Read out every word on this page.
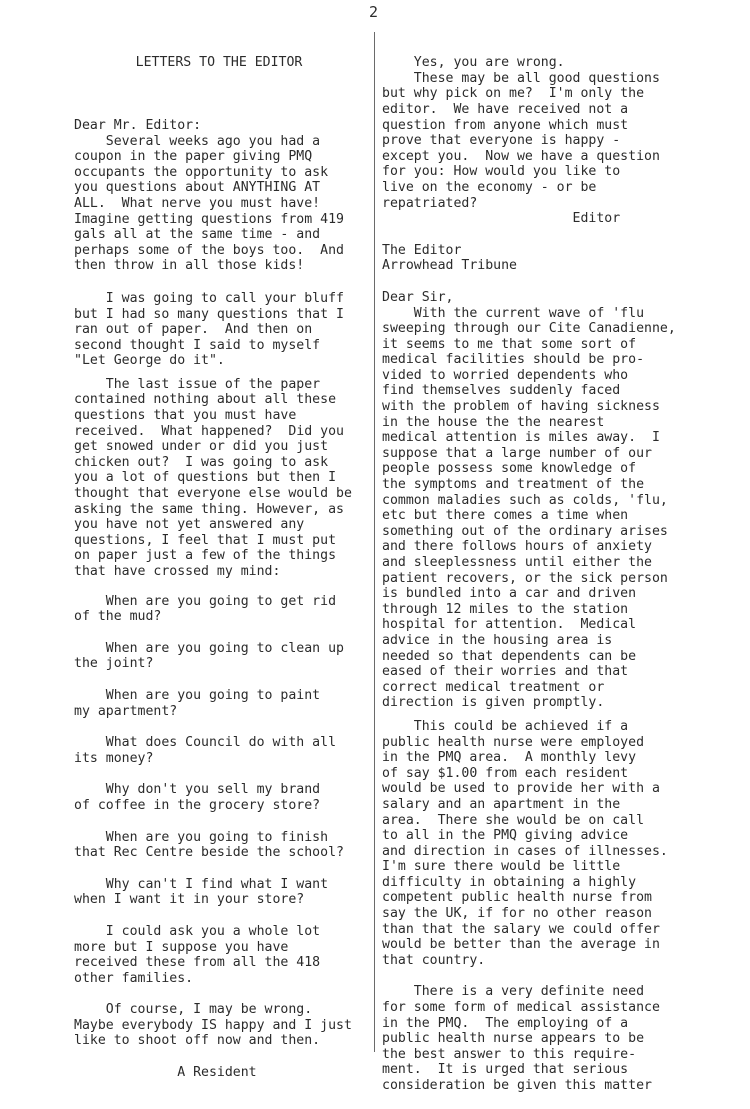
2

LETTERS TO THE EDITOR

Dear Mr. Editor:
Several weeks ago you had a
coupon in the paper giving PMQ
occupants the opportunity to ask
you questions about ANYTHING AT
ALL.  What nerve you must have!
Imagine getting questions from 419
gals all at the same time - and
perhaps some of the boys too.  And
then throw in all those kids!
I was going to call your bluff
but I had so many questions that I
ran out of paper.  And then on
second thought I said to myself
"Let George do it".
The last issue of the paper
contained nothing about all these
questions that you must have
received.  What happened?  Did you
get snowed under or did you just
chicken out?  I was going to ask
you a lot of questions but then I
thought that everyone else would be
asking the same thing. However, as
you have not yet answered any
questions, I feel that I must put
on paper just a few of the things
that have crossed my mind:
When are you going to get rid
of the mud?
When are you going to clean up
the joint?
When are you going to paint
my apartment?
What does Council do with all
its money?
Why don't you sell my brand
of coffee in the grocery store?
When are you going to finish
that Rec Centre beside the school?
Why can't I find what I want
when I want it in your store?
I could ask you a whole lot
more but I suppose you have
received these from all the 418
other families.
Of course, I may be wrong.
Maybe everybody IS happy and I just
like to shoot off now and then.
A Resident

Yes, you are wrong.
These may be all good questions
but why pick on me?  I'm only the
editor.  We have received not a
question from anyone which must
prove that everyone is happy -
except you.  Now we have a question
for you: How would you like to
live on the economy - or be
repatriated?
Editor
The Editor
Arrowhead Tribune
Dear Sir,
With the current wave of 'flu
sweeping through our Cite Canadienne,
it seems to me that some sort of
medical facilities should be pro-
vided to worried dependents who
find themselves suddenly faced
with the problem of having sickness
in the house the the nearest
medical attention is miles away.  I
suppose that a large number of our
people possess some knowledge of
the symptoms and treatment of the
common maladies such as colds, 'flu,
etc but there comes a time when
something out of the ordinary arises
and there follows hours of anxiety
and sleeplessness until either the
patient recovers, or the sick person
is bundled into a car and driven
through 12 miles to the station
hospital for attention.  Medical
advice in the housing area is
needed so that dependents can be
eased of their worries and that
correct medical treatment or
direction is given promptly.
This could be achieved if a
public health nurse were employed
in the PMQ area.  A monthly levy
of say $1.00 from each resident
would be used to provide her with a
salary and an apartment in the
area.  There she would be on call
to all in the PMQ giving advice
and direction in cases of illnesses.
I'm sure there would be little
difficulty in obtaining a highly
competent public health nurse from
say the UK, if for no other reason
than that the salary we could offer
would be better than the average in
that country.
There is a very definite need
for some form of medical assistance
in the PMQ.  The employing of a
public health nurse appears to be
the best answer to this require-
ment.  It is urged that serious
consideration be given this matter
